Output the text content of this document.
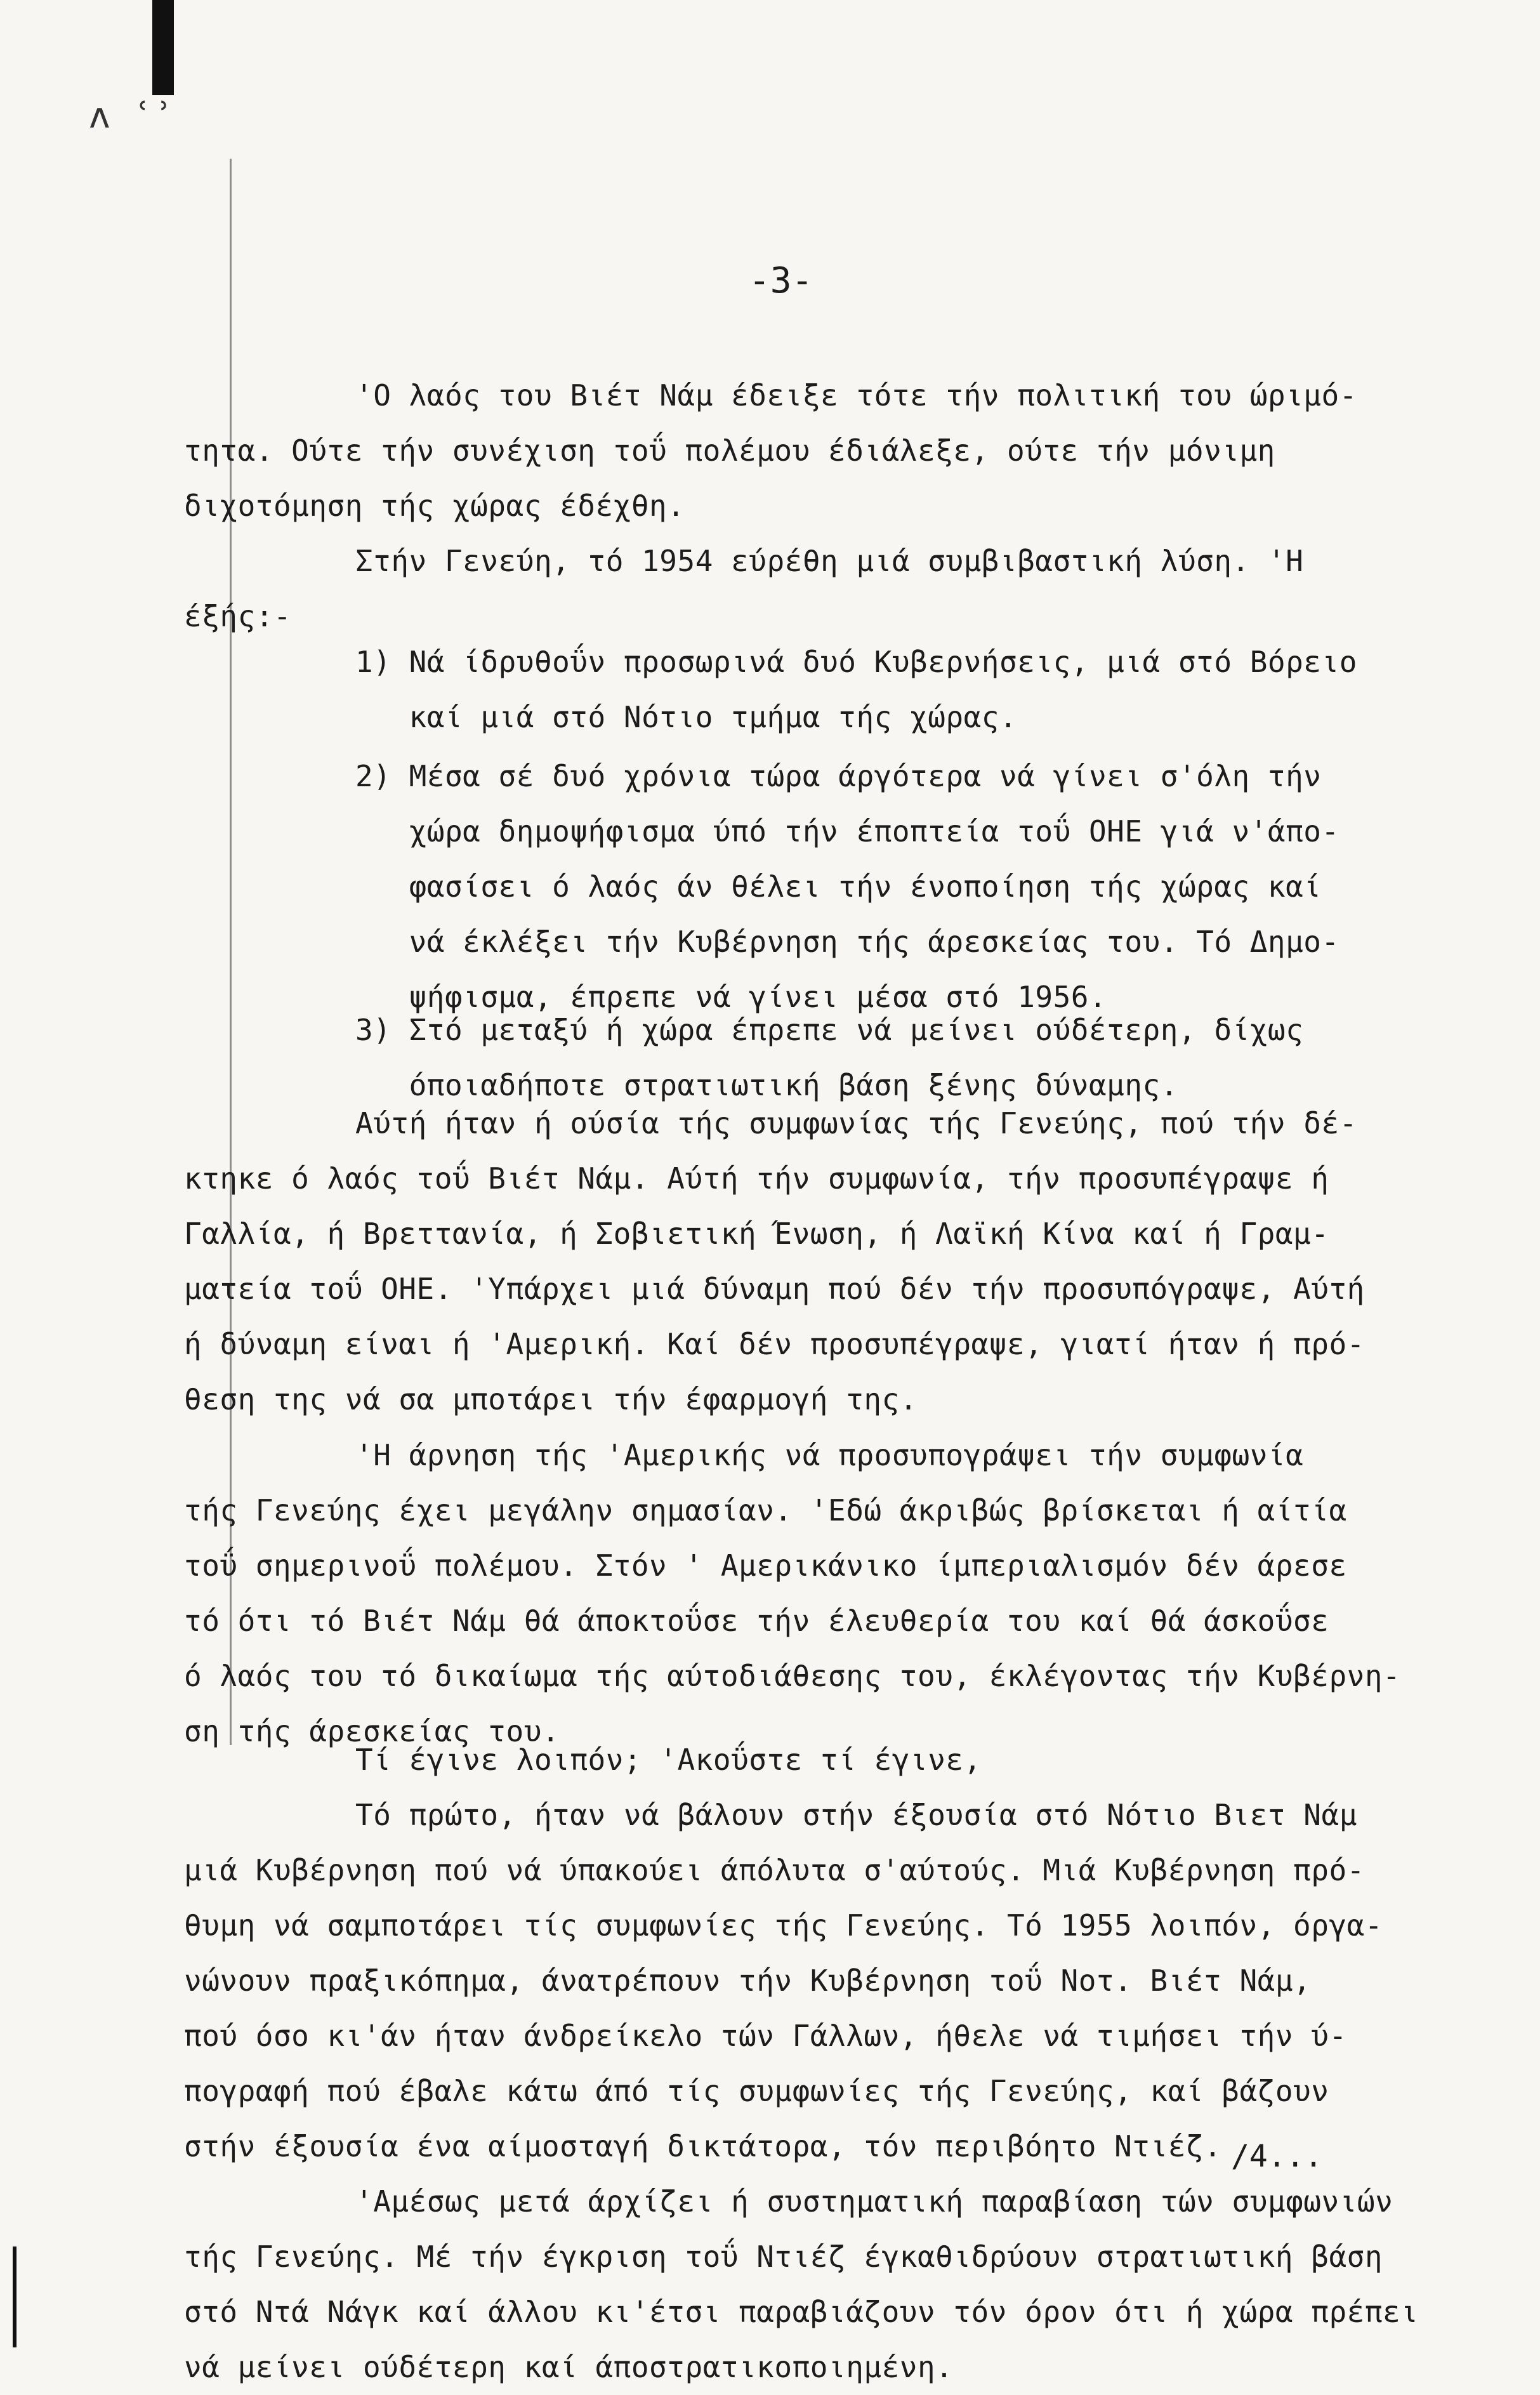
ʌ ʿʾ
-3-
'Ο λαός του Βιέτ Νάμ έδειξε τότε τήν πολιτική του ώριμό-
τητα. Ούτε τήν συνέχιση τοΰ πολέμου έδιάλεξε, ούτε τήν μόνιμη
διχοτόμηση τής χώρας έδέχθη.
Στήν Γενεύη, τό 1954 εύρέθη μιά συμβιβαστική λύση. 'Η
έξής:-
1) Νά ίδρυθοΰν προσωρινά δυό Κυβερνήσεις, μιά στό Βόρειο
καί μιά στό Νότιο τμήμα τής χώρας.
2) Μέσα σέ δυό χρόνια τώρα άργότερα νά γίνει σ'όλη τήν
χώρα δημοψήφισμα ύπό τήν έποπτεία τοΰ ΟΗΕ γιά ν'άπο-
φασίσει ό λαός άν θέλει τήν ένοποίηση τής χώρας καί
νά έκλέξει τήν Κυβέρνηση τής άρεσκείας του. Τό Δημο-
ψήφισμα, έπρεπε νά γίνει μέσα στό 1956.
3) Στό μεταξύ ή χώρα έπρεπε νά μείνει ούδέτερη, δίχως
όποιαδήποτε στρατιωτική βάση ξένης δύναμης.
Αύτή ήταν ή ούσία τής συμφωνίας τής Γενεύης, πού τήν δέ-
κτηκε ό λαός τοΰ Βιέτ Νάμ. Αύτή τήν συμφωνία, τήν προσυπέγραψε ή
Γαλλία, ή Βρεττανία, ή Σοβιετική Ένωση, ή Λαϊκή Κίνα καί ή Γραμ-
ματεία τοΰ ΟΗΕ. 'Υπάρχει μιά δύναμη πού δέν τήν προσυπόγραψε, Αύτή
ή δύναμη είναι ή 'Αμερική. Καί δέν προσυπέγραψε, γιατί ήταν ή πρό-
θεση της νά σα μποτάρει τήν έφαρμογή της.
'Η άρνηση τής 'Αμερικής νά προσυπογράψει τήν συμφωνία
τής Γενεύης έχει μεγάλην σημασίαν. 'Εδώ άκριβώς βρίσκεται ή αίτία
τοΰ σημερινοΰ πολέμου. Στόν ' Αμερικάνικο ίμπεριαλισμόν δέν άρεσε
τό ότι τό Βιέτ Νάμ θά άποκτοΰσε τήν έλευθερία του καί θά άσκοΰσε
ό λαός του τό δικαίωμα τής αύτοδιάθεσης του, έκλέγοντας τήν Κυβέρνη-
ση τής άρεσκείας του.
Τί έγινε λοιπόν; 'Ακοΰστε τί έγινε,
Τό πρώτο, ήταν νά βάλουν στήν έξουσία στό Νότιο Βιετ Νάμ
μιά Κυβέρνηση πού νά ύπακούει άπόλυτα σ'αύτούς. Μιά Κυβέρνηση πρό-
θυμη νά σαμποτάρει τίς συμφωνίες τής Γενεύης. Τό 1955 λοιπόν, όργα-
νώνουν πραξικόπημα, άνατρέπουν τήν Κυβέρνηση τοΰ Νοτ. Βιέτ Νάμ,
πού όσο κι'άν ήταν άνδρείκελο τών Γάλλων, ήθελε νά τιμήσει τήν ύ-
πογραφή πού έβαλε κάτω άπό τίς συμφωνίες τής Γενεύης, καί βάζουν
στήν έξουσία ένα αίμοσταγή δικτάτορα, τόν περιβόητο Ντιέζ.
'Αμέσως μετά άρχίζει ή συστηματική παραβίαση τών συμφωνιών
τής Γενεύης. Μέ τήν έγκριση τοΰ Ντιέζ έγκαθιδρύουν στρατιωτική βάση
στό Ντά Νάγκ καί άλλου κι'έτσι παραβιάζουν τόν όρον ότι ή χώρα πρέπει
νά μείνει ούδέτερη καί άποστρατικοποιημένη.
/4...
